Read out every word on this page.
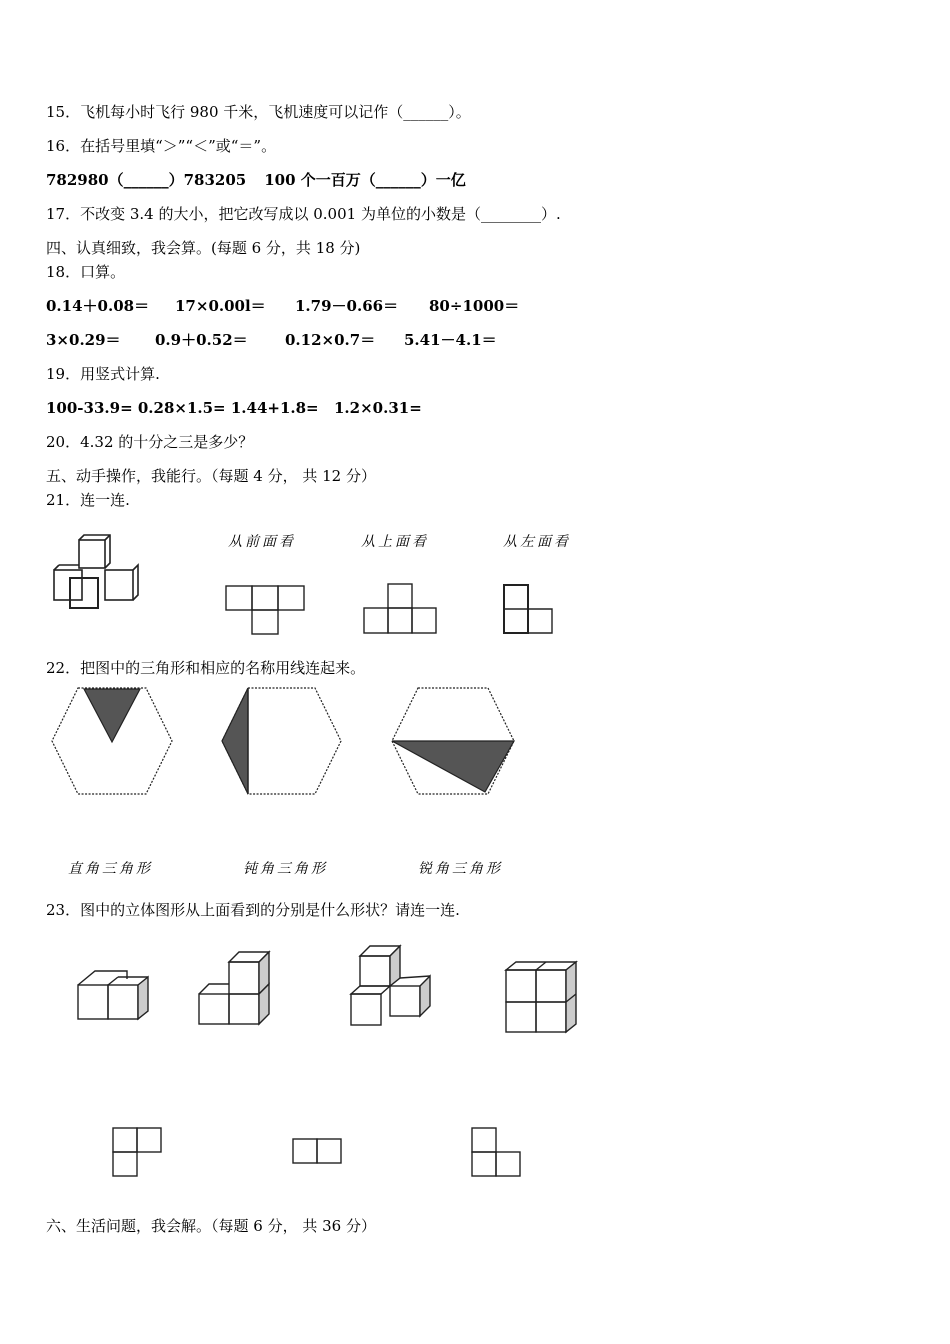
15．飞机每小时飞行 980 千米，飞机速度可以记作（______）。
16．在括号里填“＞”“＜”或“＝”。
782980（______）783205 100 个一百万（______）一亿
17．不改变 3.4 的大小，把它改写成以 0.001 为单位的小数是（________）.
四、认真细致，我会算。(每题 6 分，共 18 分)
18．口算。
0.14＋0.08＝ 17×0.00l＝ 1.79－0.66＝ 80÷1000＝
3×0.29＝ 0.9＋0.52＝ 0.12×0.7＝ 5.41－4.1＝
19．用竖式计算.
100-33.9= 0.28×1.5= 1.44+1.8= 1.2×0.31=
20．4.32 的十分之三是多少？
五、动手操作，我能行。（每题 4 分， 共 12 分）
21．连一连.
从前面看	从上面看	从左面看
22．把图中的三角形和相应的名称用线连起来。
直角三角形	钝角三角形	锐角三角形
23．图中的立体图形从上面看到的分别是什么形状？请连一连.
六、生活问题，我会解。（每题 6 分， 共 36 分）
